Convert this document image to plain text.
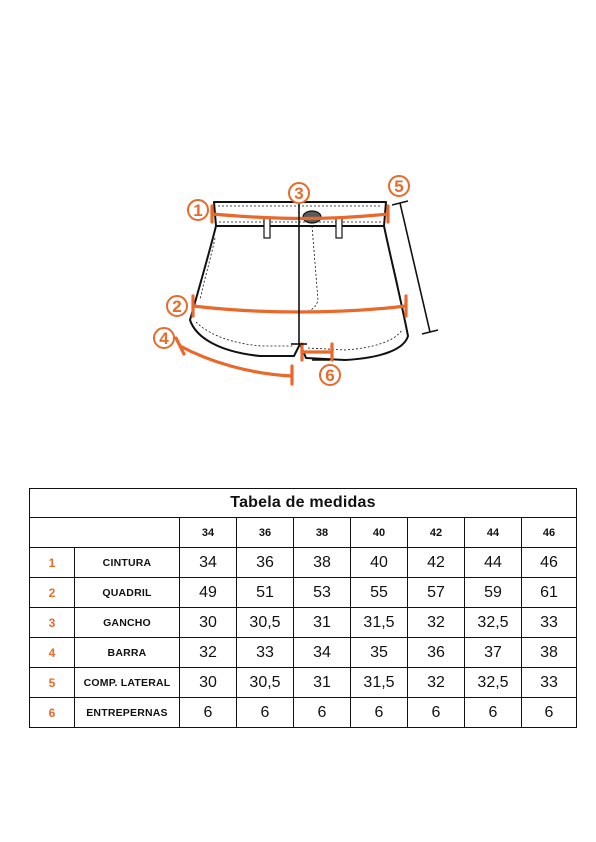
1
2
3
4
5
6
Tabela de medidas								
		34	36	38	40	42	44	46
1	CINTURA	34	36	38	40	42	44	46
2	QUADRIL	49	51	53	55	57	59	61
3	GANCHO	30	30,5	31	31,5	32	32,5	33
4	BARRA	32	33	34	35	36	37	38
5	COMP. LATERAL	30	30,5	31	31,5	32	32,5	33
6	ENTREPERNAS	6	6	6	6	6	6	6
